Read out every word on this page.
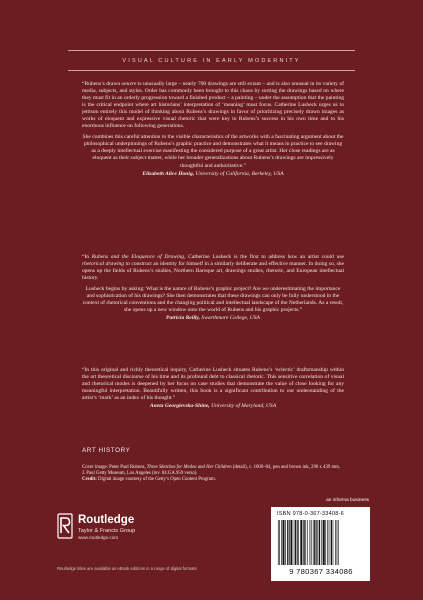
VISUAL CULTURE IN EARLY MODERNITY

“Rubens’s drawn oeuvre is unusually large – nearly 700 drawings are still extant – and is also unusual in its variety of media, subjects, and styles. Order has commonly been brought to this chaos by sorting the drawings based on where they must fit in an orderly progression toward a finished product – a painting – under the assumption that the painting is the critical endpoint where art historians’ interpretation of ‘meaning’ must focus. Catherine Lusheck urges us to jettison entirely this model of thinking about Rubens’s drawings in favor of prioritizing precisely drawn images as works of eloquent and expressive visual rhetoric that were key to Rubens’s success in his own time and to his enormous influence on following generations.

She combines this careful attention to the visible characteristics of the artworks with a fascinating argument about the philosophical underpinnings of Rubens’s graphic practice and demonstrates what it means in practice to see drawing as a deeply intellectual exercise manifesting the considered purpose of a great artist. Her close readings are as eloquent as their subject matter, while her broader generalizations about Rubens’s drawings are impressively thoughtful and authoritative.”

Elizabeth Alice Honig, University of California, Berkeley, USA

“In Rubens and the Eloquence of Drawing, Catherine Lusheck is the first to address how an artist could use rhetorical drawing to construct an identity for himself in a similarly deliberate and effective manner. In doing so, she opens up the fields of Rubens’s studies, Northern Baroque art, drawings studies, rhetoric, and European intellectual history.

Lusheck begins by asking: What is the nature of Rubens’s graphic project? Are we underestimating the importance and sophistication of his drawings? She then demonstrates that these drawings can only be fully understood in the context of rhetorical conventions and the changing political and intellectual landscape of the Netherlands. As a result, she opens up a new window onto the world of Rubens and his graphic projects.”

Patricia Reilly, Swarthmore College, USA

“In this original and richly theoretical inquiry, Catherine Lusheck situates Rubens’s ‘eclectic’ draftsmanship within the art theoretical discourse of his time and its profound debt to classical rhetoric. This sensitive correlation of visual and rhetorical modes is deepened by her focus on case studies that demonstrate the value of close looking for any meaningful interpretation. Beautifully written, this book is a significant contribution to our understanding of the artist’s ‘mark’ as an index of his thought.”

Aneta Georgievska-Shine, University of Maryland, USA
ART HISTORY
Cover image: Peter Paul Rubens, Three Sketches for Medea and Her Children (detail), c. 1600–04, pen and brown ink, 296 x 439 mm. J. Paul Getty Museum, Los Angeles (inv. 84.GA.959 verso).
Credit: Digital image courtesy of the Getty’s Open Content Program.
Routledge
Taylor & Francis Group
www.routledge.com
Routledge titles are available as eBook editions in a range of digital formats
an informa business
ISBN 978-0-367-33408-6
9 780367 334086
